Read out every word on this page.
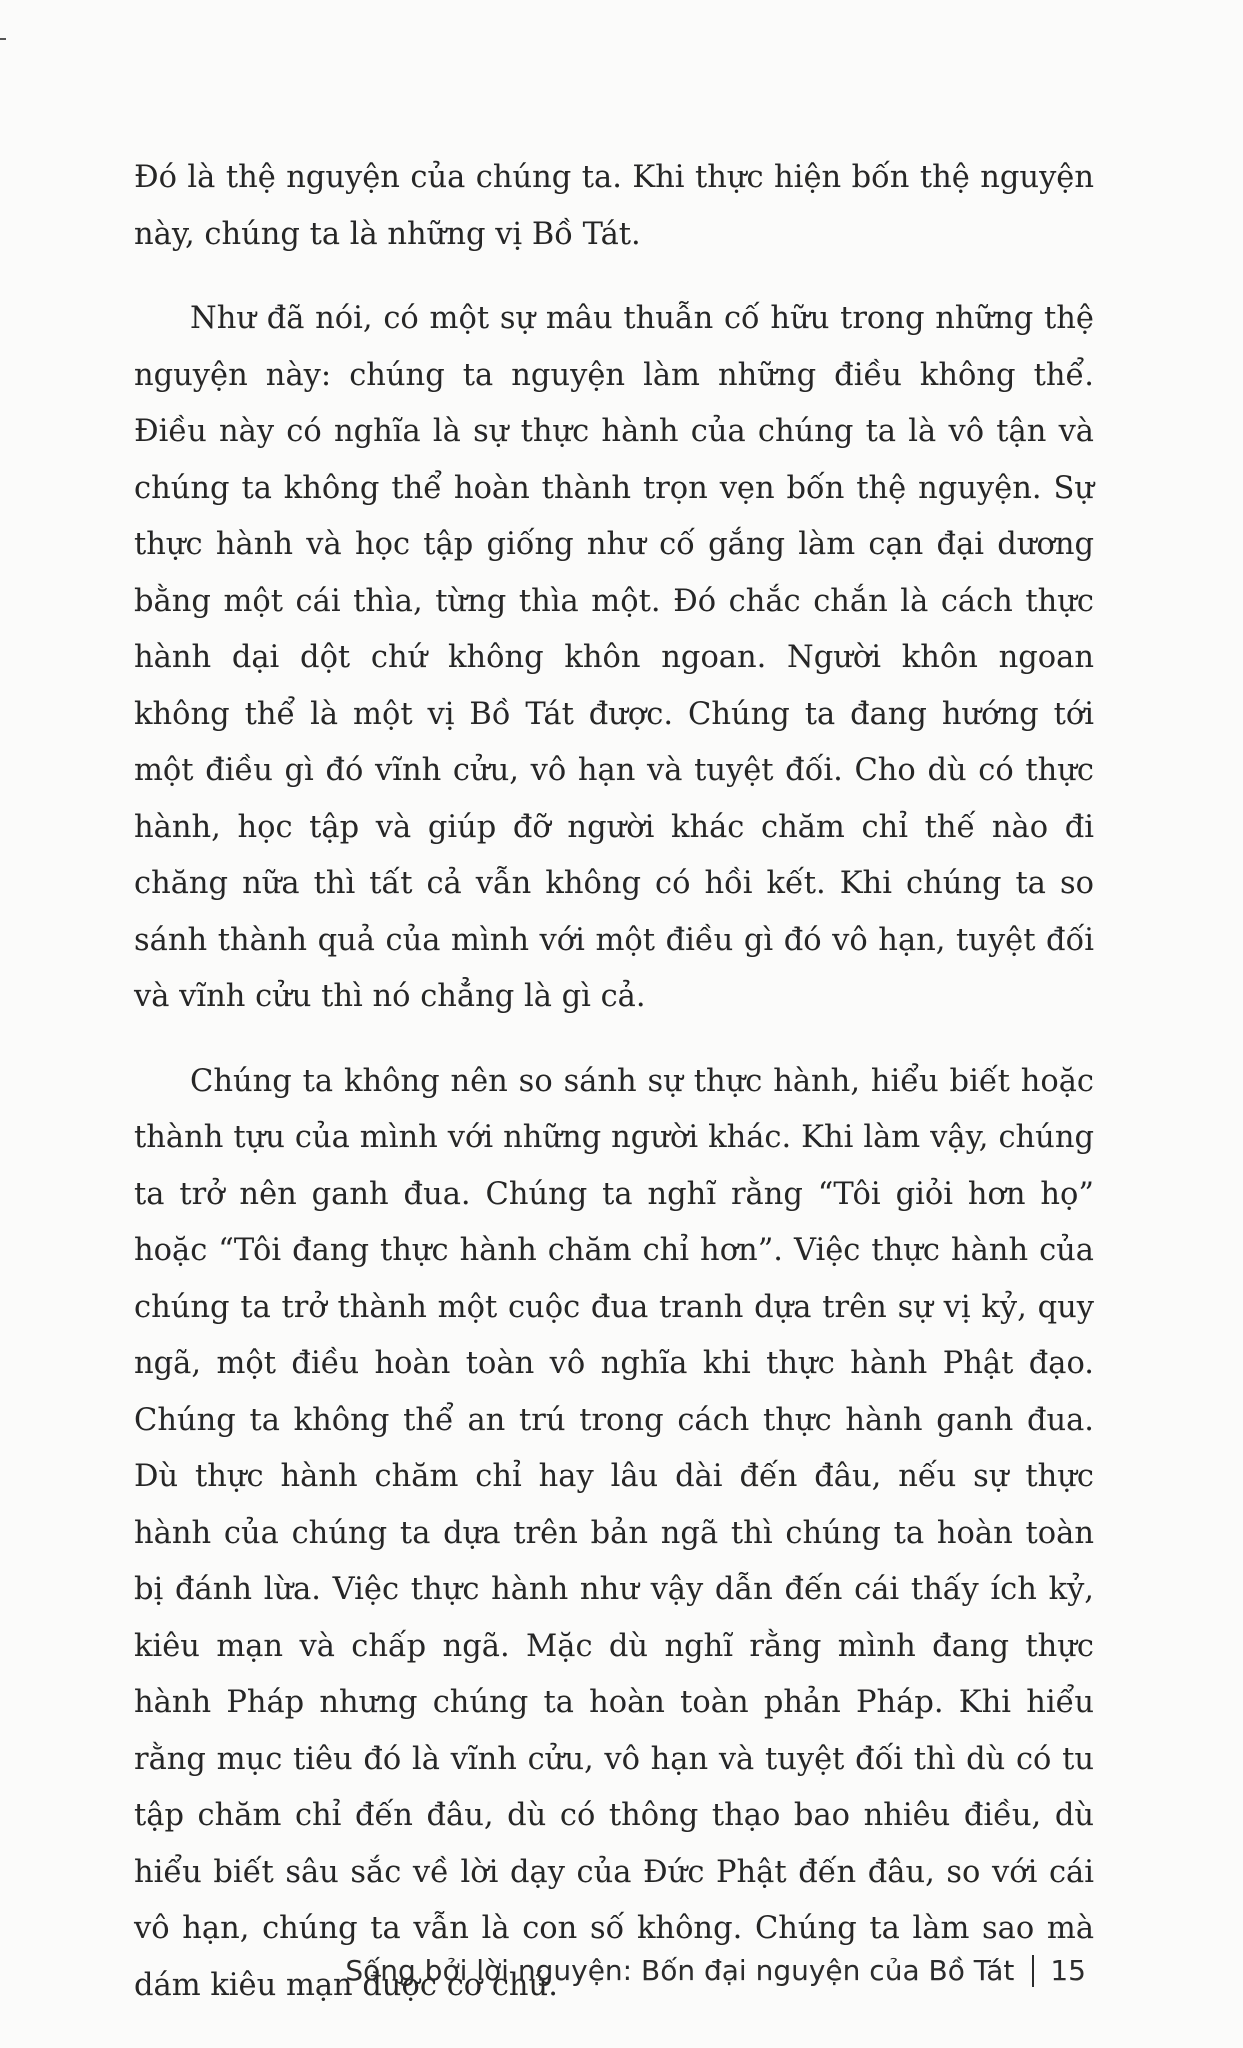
Đó là thệ nguyện của chúng ta. Khi thực hiện bốn thệ nguyện này, chúng ta là những vị Bồ Tát.

Như đã nói, có một sự mâu thuẫn cố hữu trong những thệ nguyện này: chúng ta nguyện làm những điều không thể. Điều này có nghĩa là sự thực hành của chúng ta là vô tận và chúng ta không thể hoàn thành trọn vẹn bốn thệ nguyện. Sự thực hành và học tập giống như cố gắng làm cạn đại dương bằng một cái thìa, từng thìa một. Đó chắc chắn là cách thực hành dại dột chứ không khôn ngoan. Người khôn ngoan không thể là một vị Bồ Tát được. Chúng ta đang hướng tới một điều gì đó vĩnh cửu, vô hạn và tuyệt đối. Cho dù có thực hành, học tập và giúp đỡ người khác chăm chỉ thế nào đi chăng nữa thì tất cả vẫn không có hồi kết. Khi chúng ta so sánh thành quả của mình với một điều gì đó vô hạn, tuyệt đối và vĩnh cửu thì nó chẳng là gì cả.

Chúng ta không nên so sánh sự thực hành, hiểu biết hoặc thành tựu của mình với những người khác. Khi làm vậy, chúng ta trở nên ganh đua. Chúng ta nghĩ rằng “Tôi giỏi hơn họ” hoặc “Tôi đang thực hành chăm chỉ hơn”. Việc thực hành của chúng ta trở thành một cuộc đua tranh dựa trên sự vị kỷ, quy ngã, một điều hoàn toàn vô nghĩa khi thực hành Phật đạo. Chúng ta không thể an trú trong cách thực hành ganh đua. Dù thực hành chăm chỉ hay lâu dài đến đâu, nếu sự thực hành của chúng ta dựa trên bản ngã thì chúng ta hoàn toàn bị đánh lừa. Việc thực hành như vậy dẫn đến cái thấy ích kỷ, kiêu mạn và chấp ngã. Mặc dù nghĩ rằng mình đang thực hành Pháp nhưng chúng ta hoàn toàn phản Pháp. Khi hiểu rằng mục tiêu đó là vĩnh cửu, vô hạn và tuyệt đối thì dù có tu tập chăm chỉ đến đâu, dù có thông thạo bao nhiêu điều, dù hiểu biết sâu sắc về lời dạy của Đức Phật đến đâu, so với cái vô hạn, chúng ta vẫn là con số không. Chúng ta làm sao mà dám kiêu mạn được cơ chứ.

Sống bởi lời nguyện: Bốn đại nguyện của Bồ Tát 15
